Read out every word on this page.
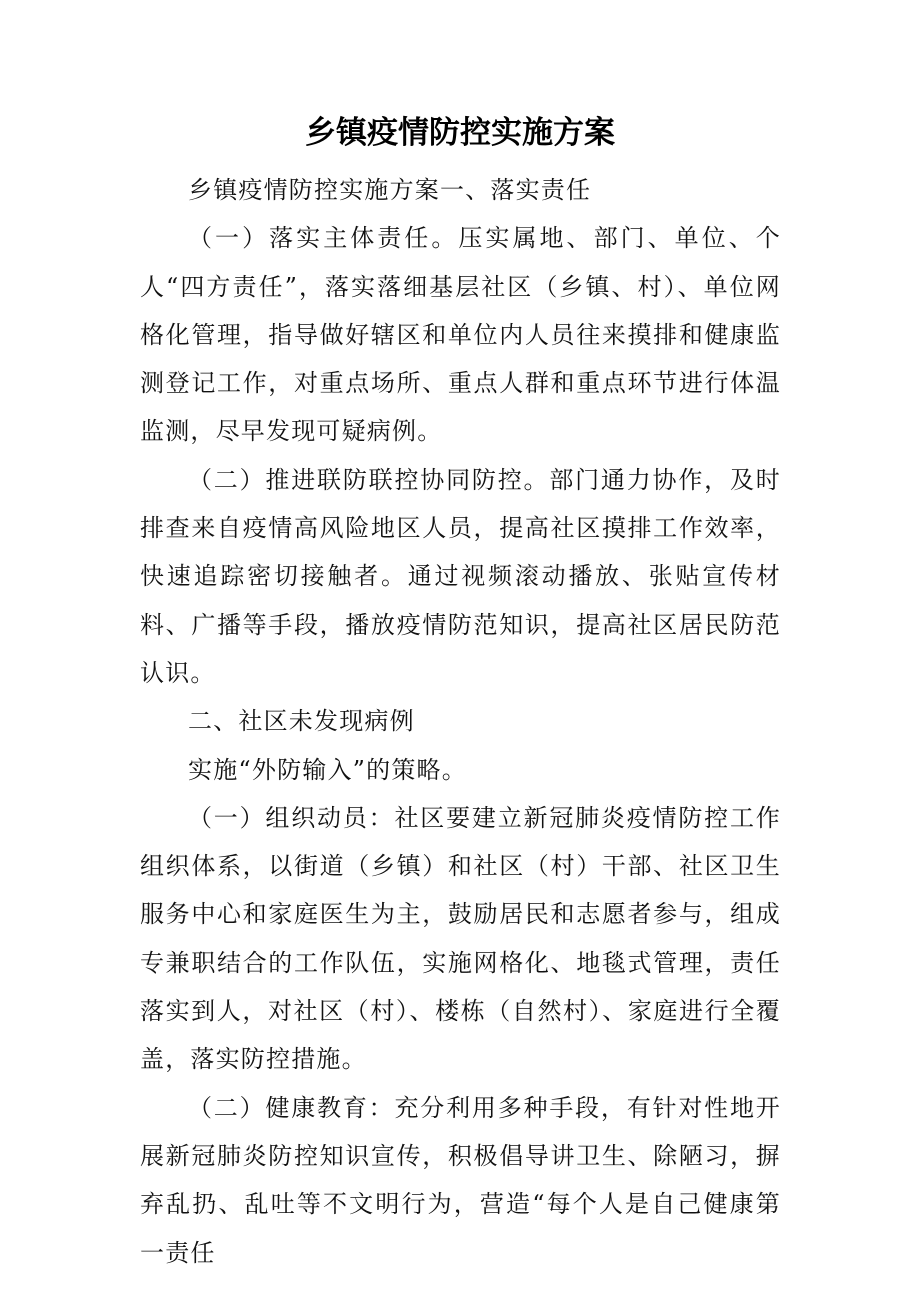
乡镇疫情防控实施方案

乡镇疫情防控实施方案一、落实责任

（一）落实主体责任。压实属地、部门、单位、个人“四方责任”，落实落细基层社区（乡镇、村）、单位网格化管理，指导做好辖区和单位内人员往来摸排和健康监测登记工作，对重点场所、重点人群和重点环节进行体温监测，尽早发现可疑病例。

（二）推进联防联控协同防控。部门通力协作，及时排查来自疫情高风险地区人员，提高社区摸排工作效率，快速追踪密切接触者。通过视频滚动播放、张贴宣传材料、广播等手段，播放疫情防范知识，提高社区居民防范认识。

二、社区未发现病例

实施“外防输入”的策略。

（一）组织动员：社区要建立新冠肺炎疫情防控工作组织体系，以街道（乡镇）和社区（村）干部、社区卫生服务中心和家庭医生为主，鼓励居民和志愿者参与，组成专兼职结合的工作队伍，实施网格化、地毯式管理，责任落实到人，对社区（村）、楼栋（自然村）、家庭进行全覆盖，落实防控措施。

（二）健康教育：充分利用多种手段，有针对性地开展新冠肺炎防控知识宣传，积极倡导讲卫生、除陋习，摒弃乱扔、乱吐等不文明行为，营造“每个人是自己健康第一责任
